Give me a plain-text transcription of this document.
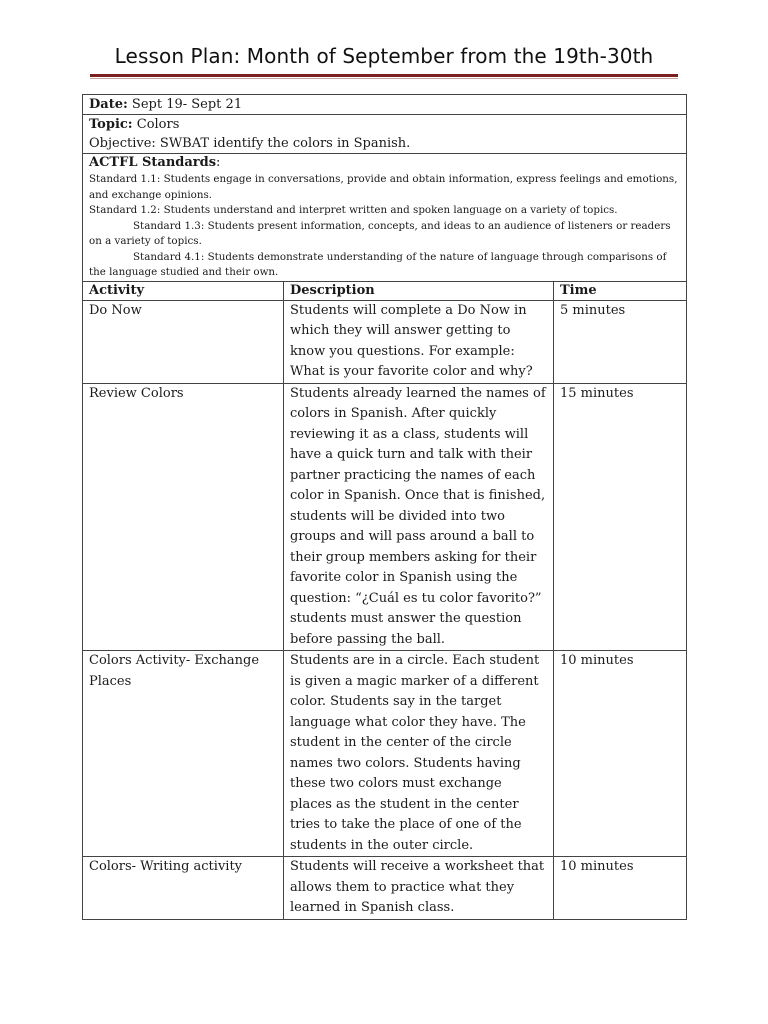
Lesson Plan: Month of September from the 19th-30th
Date: Sept 19- Sept 21		

Topic: Colors
Objective: SWBAT identify the colors in Spanish.		

ACTFL Standards:
Standard 1.1: Students engage in conversations, provide and obtain information, express feelings and emotions, and exchange opinions.
Standard 1.2: Students understand and interpret written and spoken language on a variety of topics.
Standard 1.3: Students present information, concepts, and ideas to an audience of listeners or readers on a variety of topics.
Standard 4.1: Students demonstrate understanding of the nature of language through comparisons of the language studied and their own.		

Activity	Description	Time
Do Now	Students will complete a Do Now in which they will answer getting to know you questions. For example: What is your favorite color and why?	5 minutes
Review Colors	Students already learned the names of colors in Spanish. After quickly reviewing it as a class, students will have a quick turn and talk with their partner practicing the names of each color in Spanish. Once that is finished, students will be divided into two groups and will pass around a ball to their group members asking for their favorite color in Spanish using the question: “¿Cuál es tu color favorito?” students must answer the question before passing the ball.	15 minutes
Colors Activity- Exchange Places	Students are in a circle. Each student is given a magic marker of a different color. Students say in the target language what color they have. The student in the center of the circle names two colors. Students having these two colors must exchange places as the student in the center tries to take the place of one of the students in the outer circle.	10 minutes
Colors- Writing activity	Students will receive a worksheet that allows them to practice what they learned in Spanish class.	10 minutes
